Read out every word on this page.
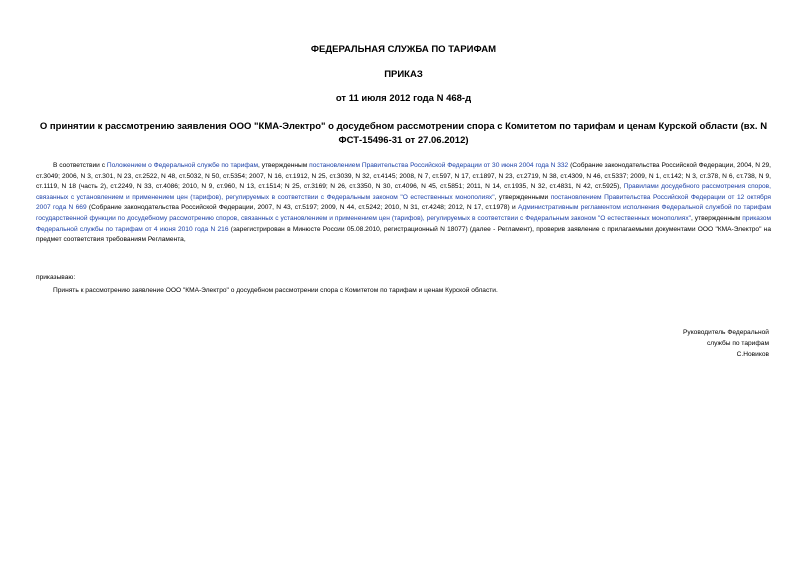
ФЕДЕРАЛЬНАЯ СЛУЖБА ПО ТАРИФАМ
ПРИКАЗ
от 11 июля 2012 года N 468-д
О принятии к рассмотрению заявления ООО "КМА-Электро" о досудебном рассмотрении спора с Комитетом по тарифам и ценам Курской области (вх. N ФСТ-15496-31 от 27.06.2012)
В соответствии с Положением о Федеральной службе по тарифам, утвержденным постановлением Правительства Российской Федерации от 30 июня 2004 года N 332 (Собрание законодательства Российской Федерации, 2004, N 29, ст.3049; 2006, N 3, ст.301, N 23, ст.2522, N 48, ст.5032, N 50, ст.5354; 2007, N 16, ст.1912, N 25, ст.3039, N 32, ст.4145; 2008, N 7, ст.597, N 17, ст.1897, N 23, ст.2719, N 38, ст.4309, N 46, ст.5337; 2009, N 1, ст.142; N 3, ст.378, N 6, ст.738, N 9, ст.1119, N 18 (часть 2), ст.2249, N 33, ст.4086; 2010, N 9, ст.960, N 13, ст.1514; N 25, ст.3169; N 26, ст.3350, N 30, ст.4096, N 45, ст.5851; 2011, N 14, ст.1935, N 32, ст.4831, N 42, ст.5925), Правилами досудебного рассмотрения споров, связанных с установлением и применением цен (тарифов), регулируемых в соответствии с Федеральным законом "О естественных монополиях", утвержденными постановлением Правительства Российской Федерации от 12 октября 2007 года N 669 (Собрание законодательства Российской Федерации, 2007, N 43, ст.5197; 2009, N 44, ст.5242; 2010, N 31, ст.4248; 2012, N 17, ст.1978) и Административным регламентом исполнения Федеральной службой по тарифам государственной функции по досудебному рассмотрению споров, связанных с установлением и применением цен (тарифов), регулируемых в соответствии с Федеральным законом "О естественных монополиях", утвержденным приказом Федеральной службы по тарифам от 4 июня 2010 года N 216 (зарегистрирован в Минюсте России 05.08.2010, регистрационный N 18077) (далее - Регламент), проверив заявление с прилагаемыми документами ООО "КМА-Электро" на предмет соответствия требованиям Регламента,
приказываю:
Принять к рассмотрению заявление ООО "КМА-Электро" о досудебном рассмотрении спора с Комитетом по тарифам и ценам Курской области.
Руководитель Федеральной
службы по тарифам
С.Новиков
